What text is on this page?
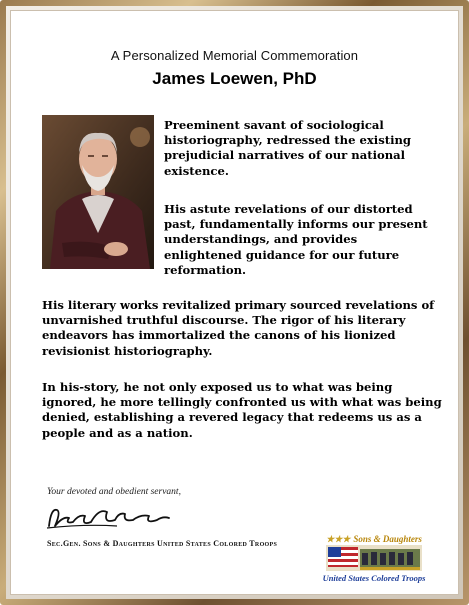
A Personalized Memorial Commemoration
James Loewen, PhD

Preeminent savant of sociological historiography, redressed the existing prejudicial narratives of our national existence.

His astute revelations of our distorted past, fundamentally informs our present understandings, and provides enlightened guidance for our future reformation.

His literary works revitalized primary sourced revelations of unvarnished truthful discourse. The rigor of his literary endeavors has immortalized the canons of his lionized revisionist historiography.

In his-story, he not only exposed us to what was being ignored, he more tellingly confronted us with what was being denied, establishing a revered legacy that redeems us as a people and as a nation.

Your devoted and obedient servant,
Sec.Gen. Sons & Daughters United States Colored Troops	★★★ Sons & Daughters
United States Colored Troops
